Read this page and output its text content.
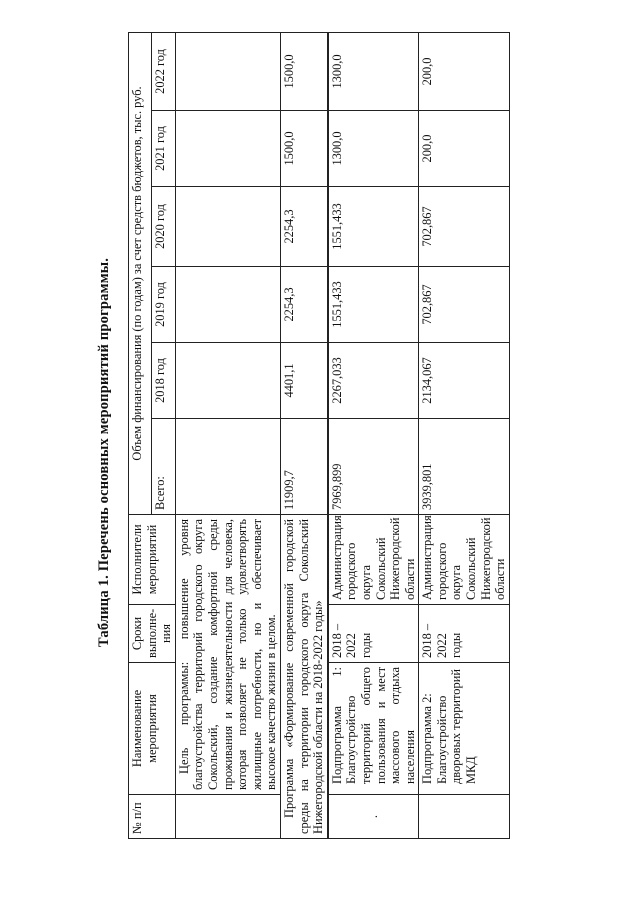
Таблица 1. Перечень основных мероприятий программы.
№ п/п	Наименование мероприятия	Сроки выполне-ния	Исполнители мероприятий	Объем финансирования (по годам) за счет средств бюджетов, тыс. руб.					
				Всего:	2018 год	2019 год	2020 год	2021 год	2022 год
	Цель программы: повышение уровня благоустройства территорий городского округа Сокольский, создание комфортной среды проживания и жизнедеятельности для человека, которая позволяет не только удовлетворять жилищные потребности, но и обеспечивает высокое качество жизни в целом.								
Программа «Формирование современной городской среды на территории городского округа Сокольский Нижегородской области на 2018-2022 годы»				11909,7	4401,1	2254,3	2254,3	1500,0	1500,0
.	Подпрограмма 1: Благоустройство территорий общего пользования и мест массового отдыха населения	2018 – 2022 годы	Администрация городского округа Сокольский Нижегородской области	7969,899	2267,033	1551,433	1551,433	1300,0	1300,0
	Подпрограмма 2: Благоустройство дворовых территорий МКД	2018 – 2022 годы	Администрация городского округа Сокольский Нижегородской области	3939,801	2134,067	702,867	702,867	200,0	200,0
